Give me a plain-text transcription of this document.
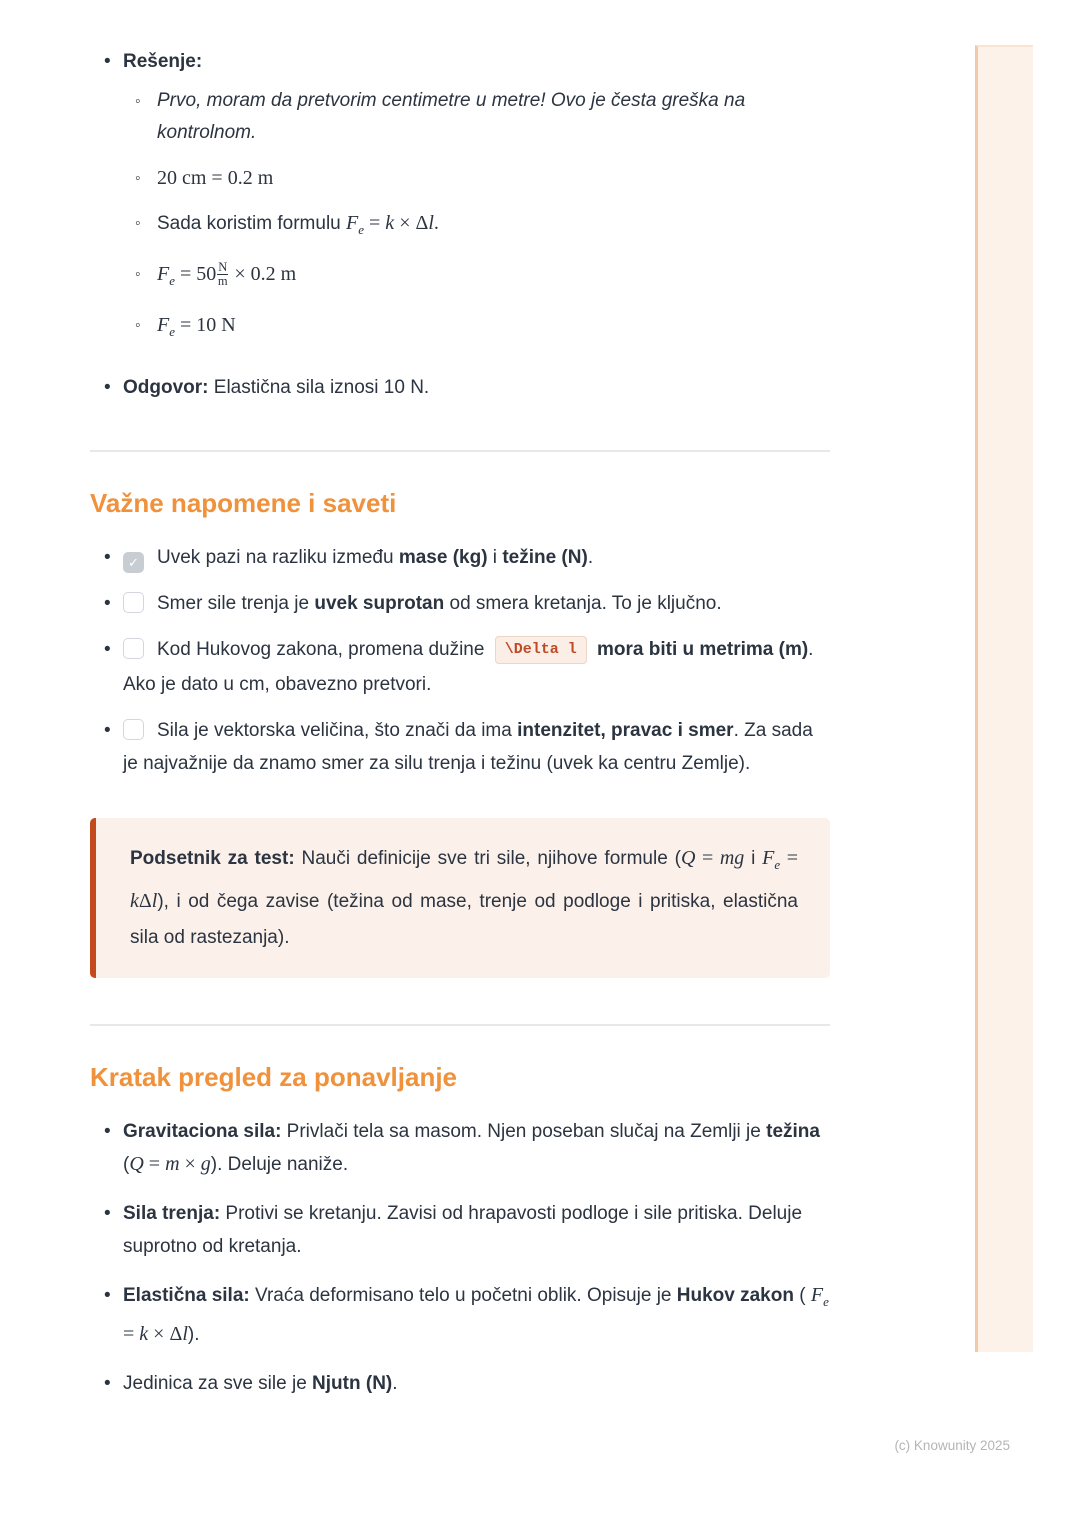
• Rešenje:
◦ Prvo, moram da pretvorim centimetre u metre! Ovo je česta greška na kontrolnom.
◦ 20 cm = 0.2 m
◦ Sada koristim formulu $F_e = k \times \Delta l$.
◦ $F_e = 50 \frac{N}{m} \times 0.2$ m
◦ $F_e = 10$ N
• Odgovor: Elastična sila iznosi 10 N.
Važne napomene i saveti
✓• Uvek pazi na razliku između mase (kg) i težine (N).
• Smer sile trenja je uvek suprotan od smera kretanja. To je ključno.
• Kod Hukovog zakona, promena dužine \Delta l mora biti u metrima (m). Ako je dato u cm, obavezno pretvori.
• Sila je vektorska veličina, što znači da ima intenzitet, pravac i smer. Za sada je najvažnije da znamo smer za silu trenja i težinu (uvek ka centru Zemlje).

Podsetnik za test: Nauči definicije sve tri sile, njihove formule (Q = mg i $F_e = k\Delta l$), i od čega zavise (težina od mase, trenje od podloge i pritiska, elastična sila od rastezanja).

Kratak pregled za ponavljanje
• Gravitaciona sila: Privlači tela sa masom. Njen poseban slučaj na Zemlji je težina (Q = m × g). Deluje naniže.
• Sila trenja: Protivi se kretanju. Zavisi od hrapavosti podloge i sile pritiska. Deluje suprotno od kretanja.
• Elastična sila: Vraća deformisano telo u početni oblik. Opisuje je Hukov zakon ( $F_e = k \times \Delta l$).
• Jedinica za sve sile je Njutn (N).
(c) Knowunity 2025
